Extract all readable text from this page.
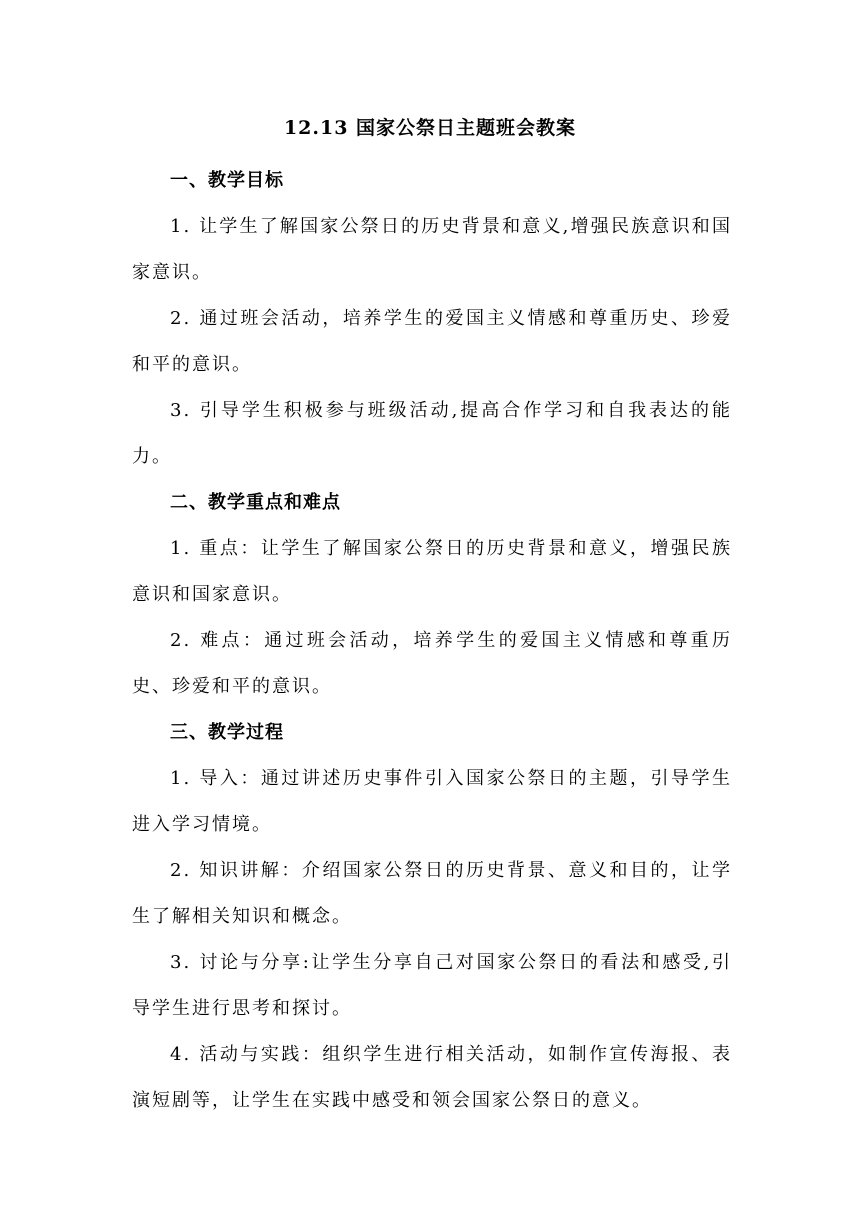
12.13 国家公祭日主题班会教案

一、教学目标

1. 让学生了解国家公祭日的历史背景和意义,增强民族意识和国家意识。

2. 通过班会活动，培养学生的爱国主义情感和尊重历史、珍爱和平的意识。

3. 引导学生积极参与班级活动,提高合作学习和自我表达的能力。

二、教学重点和难点

1. 重点：让学生了解国家公祭日的历史背景和意义，增强民族意识和国家意识。

2. 难点：通过班会活动，培养学生的爱国主义情感和尊重历史、珍爱和平的意识。

三、教学过程

1. 导入：通过讲述历史事件引入国家公祭日的主题，引导学生进入学习情境。

2. 知识讲解：介绍国家公祭日的历史背景、意义和目的，让学生了解相关知识和概念。

3. 讨论与分享:让学生分享自己对国家公祭日的看法和感受,引导学生进行思考和探讨。

4. 活动与实践：组织学生进行相关活动，如制作宣传海报、表演短剧等，让学生在实践中感受和领会国家公祭日的意义。
